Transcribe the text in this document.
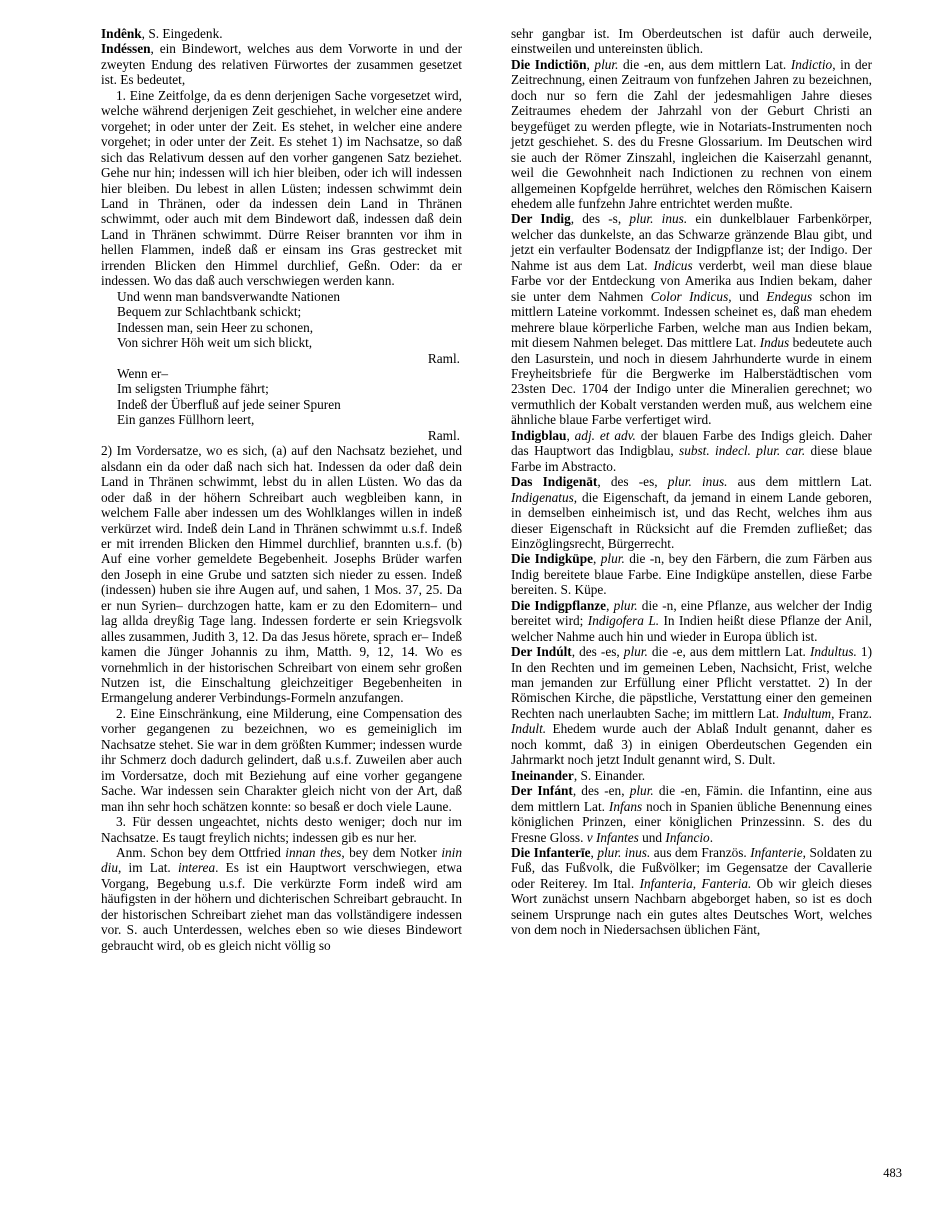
Indênk, S. Eingedenk.
Indéssen, ein Bindewort, welches aus dem Vorworte in und der zweyten Endung des relativen Fürwortes der zusammen gesetzet ist. Es bedeutet,
1. Eine Zeitfolge, da es denn derjenigen Sache vorgesetzet wird, welche während derjenigen Zeit geschiehet, in welcher eine andere vorgehet; in oder unter der Zeit. Es stehet, in welcher eine andere vorgehet; in oder unter der Zeit. Es stehet 1) im Nachsatze, so daß sich das Relativum dessen auf den vorher gangenen Satz beziehet. Gehe nur hin; indessen will ich hier bleiben, oder ich will indessen hier bleiben. Du lebest in allen Lüsten; indessen schwimmt dein Land in Thränen, oder da indessen dein Land in Thränen schwimmt, oder auch mit dem Bindewort daß, indessen daß dein Land in Thränen schwimmt. Dürre Reiser brannten vor ihm in hellen Flammen, indeß daß er einsam ins Gras gestrecket mit irrenden Blicken den Himmel durchlief, Geßn. Oder: da er indessen. Wo das daß auch verschwiegen werden kann.
Und wenn man bandsverwandte Nationen
Bequem zur Schlachtbank schickt;
Indessen man, sein Heer zu schonen,
Von sichrer Höh weit um sich blickt,
Raml.
Wenn er–
Im seligsten Triumphe fährt;
Indeß der Überfluß auf jede seiner Spuren
Ein ganzes Füllhorn leert,
Raml.
2) Im Vordersatze, wo es sich, (a) auf den Nachsatz beziehet, und alsdann ein da oder daß nach sich hat. Indessen da oder daß dein Land in Thränen schwimmt, lebst du in allen Lüsten. Wo das da oder daß in der höhern Schreibart auch wegbleiben kann, in welchem Falle aber indessen um des Wohlklanges willen in indeß verkürzet wird. Indeß dein Land in Thränen schwimmt u.s.f. Indeß er mit irrenden Blicken den Himmel durchlief, brannten u.s.f. (b) Auf eine vorher gemeldete Begebenheit. Josephs Brüder warfen den Joseph in eine Grube und satzten sich nieder zu essen. Indeß (indessen) huben sie ihre Augen auf, und sahen, 1 Mos. 37, 25. Da er nun Syrien– durchzogen hatte, kam er zu den Edomitern– und lag allda dreyßig Tage lang. Indessen forderte er sein Kriegsvolk alles zusammen, Judith 3, 12. Da das Jesus hörete, sprach er– Indeß kamen die Jünger Johannis zu ihm, Matth. 9, 12, 14. Wo es vornehmlich in der historischen Schreibart von einem sehr großen Nutzen ist, die Einschaltung gleichzeitiger Begebenheiten in Ermangelung anderer Verbindungs-Formeln anzufangen.
2. Eine Einschränkung, eine Milderung, eine Compensation des vorher gegangenen zu bezeichnen, wo es gemeiniglich im Nachsatze stehet. Sie war in dem größten Kummer; indessen wurde ihr Schmerz doch dadurch gelindert, daß u.s.f. Zuweilen aber auch im Vordersatze, doch mit Beziehung auf eine vorher gegangene Sache. War indessen sein Charakter gleich nicht von der Art, daß man ihn sehr hoch schätzen konnte: so besaß er doch viele Laune.
3. Für dessen ungeachtet, nichts desto weniger; doch nur im Nachsatze. Es taugt freylich nichts; indessen gib es nur her.
Anm. Schon bey dem Ottfried innan thes, bey dem Notker inin diu, im Lat. interea. Es ist ein Hauptwort verschwiegen, etwa Vorgang, Begebung u.s.f. Die verkürzte Form indeß wird am häufigsten in der höhern und dichterischen Schreibart gebraucht. In der historischen Schreibart ziehet man das vollständigere indessen vor. S. auch Unterdessen, welches eben so wie dieses Bindewort gebraucht wird, ob es gleich nicht völlig so
sehr gangbar ist. Im Oberdeutschen ist dafür auch derweile, einstweilen und untereinsten üblich.
Die Indictiōn, plur. die -en, aus dem mittlern Lat. Indictio, in der Zeitrechnung, einen Zeitraum von funfzehen Jahren zu bezeichnen, doch nur so fern die Zahl der jedesmahligen Jahre dieses Zeitraumes ehedem der Jahrzahl von der Geburt Christi an beygefüget zu werden pflegte, wie in Notariats-Instrumenten noch jetzt geschiehet. S. des du Fresne Glossarium. Im Deutschen wird sie auch der Römer Zinszahl, ingleichen die Kaiserzahl genannt, weil die Gewohnheit nach Indictionen zu rechnen von einem allgemeinen Kopfgelde herrühret, welches den Römischen Kaisern ehedem alle funfzehn Jahre entrichtet werden mußte.
Der Indig, des -s, plur. inus. ein dunkelblauer Farbenkörper, welcher das dunkelste, an das Schwarze gränzende Blau gibt, und jetzt ein verfaulter Bodensatz der Indigpflanze ist; der Indigo. Der Nahme ist aus dem Lat. Indicus verderbt, weil man diese blaue Farbe vor der Entdeckung von Amerika aus Indien bekam, daher sie unter dem Nahmen Color Indicus, und Endegus schon im mittlern Lateine vorkommt. Indessen scheinet es, daß man ehedem mehrere blaue körperliche Farben, welche man aus Indien bekam, mit diesem Nahmen beleget. Das mittlere Lat. Indus bedeutete auch den Lasurstein, und noch in diesem Jahrhunderte wurde in einem Freyheitsbriefe für die Bergwerke im Halberstädtischen vom 23sten Dec. 1704 der Indigo unter die Mineralien gerechnet; wo vermuthlich der Kobalt verstanden werden muß, aus welchem eine ähnliche blaue Farbe verfertiget wird.
Indigblau, adj. et adv. der blauen Farbe des Indigs gleich. Daher das Hauptwort das Indigblau, subst. indecl. plur. car. diese blaue Farbe im Abstracto.
Das Indigenāt, des -es, plur. inus. aus dem mittlern Lat. Indigenatus, die Eigenschaft, da jemand in einem Lande geboren, in demselben einheimisch ist, und das Recht, welches ihm aus dieser Eigenschaft in Rücksicht auf die Fremden zufließet; das Einzöglingsrecht, Bürgerrecht.
Die Indigküpe, plur. die -n, bey den Färbern, die zum Färben aus Indig bereitete blaue Farbe. Eine Indigküpe anstellen, diese Farbe bereiten. S. Küpe.
Die Indigpflanze, plur. die -n, eine Pflanze, aus welcher der Indig bereitet wird; Indigofera L. In Indien heißt diese Pflanze der Anil, welcher Nahme auch hin und wieder in Europa üblich ist.
Der Indúlt, des -es, plur. die -e, aus dem mittlern Lat. Indultus. 1) In den Rechten und im gemeinen Leben, Nachsicht, Frist, welche man jemanden zur Erfüllung einer Pflicht verstattet. 2) In der Römischen Kirche, die päpstliche, Verstattung einer den gemeinen Rechten nach unerlaubten Sache; im mittlern Lat. Indultum, Franz. Indult. Ehedem wurde auch der Ablaß Indult genannt, daher es noch kommt, daß 3) in einigen Oberdeutschen Gegenden ein Jahrmarkt noch jetzt Indult genannt wird, S. Dult.
Ineinander, S. Einander.
Der Infánt, des -en, plur. die -en, Fämin. die Infantinn, eine aus dem mittlern Lat. Infans noch in Spanien übliche Benennung eines königlichen Prinzen, einer königlichen Prinzessinn. S. des du Fresne Gloss. v Infantes und Infancio.
Die Infanterīe, plur. inus. aus dem Französ. Infanterie, Soldaten zu Fuß, das Fußvolk, die Fußvölker; im Gegensatze der Cavallerie oder Reiterey. Im Ital. Infanteria, Fanteria. Ob wir gleich dieses Wort zunächst unsern Nachbarn abgeborget haben, so ist es doch seinem Ursprunge nach ein gutes altes Deutsches Wort, welches von dem noch in Niedersachsen üblichen Fänt,
483
